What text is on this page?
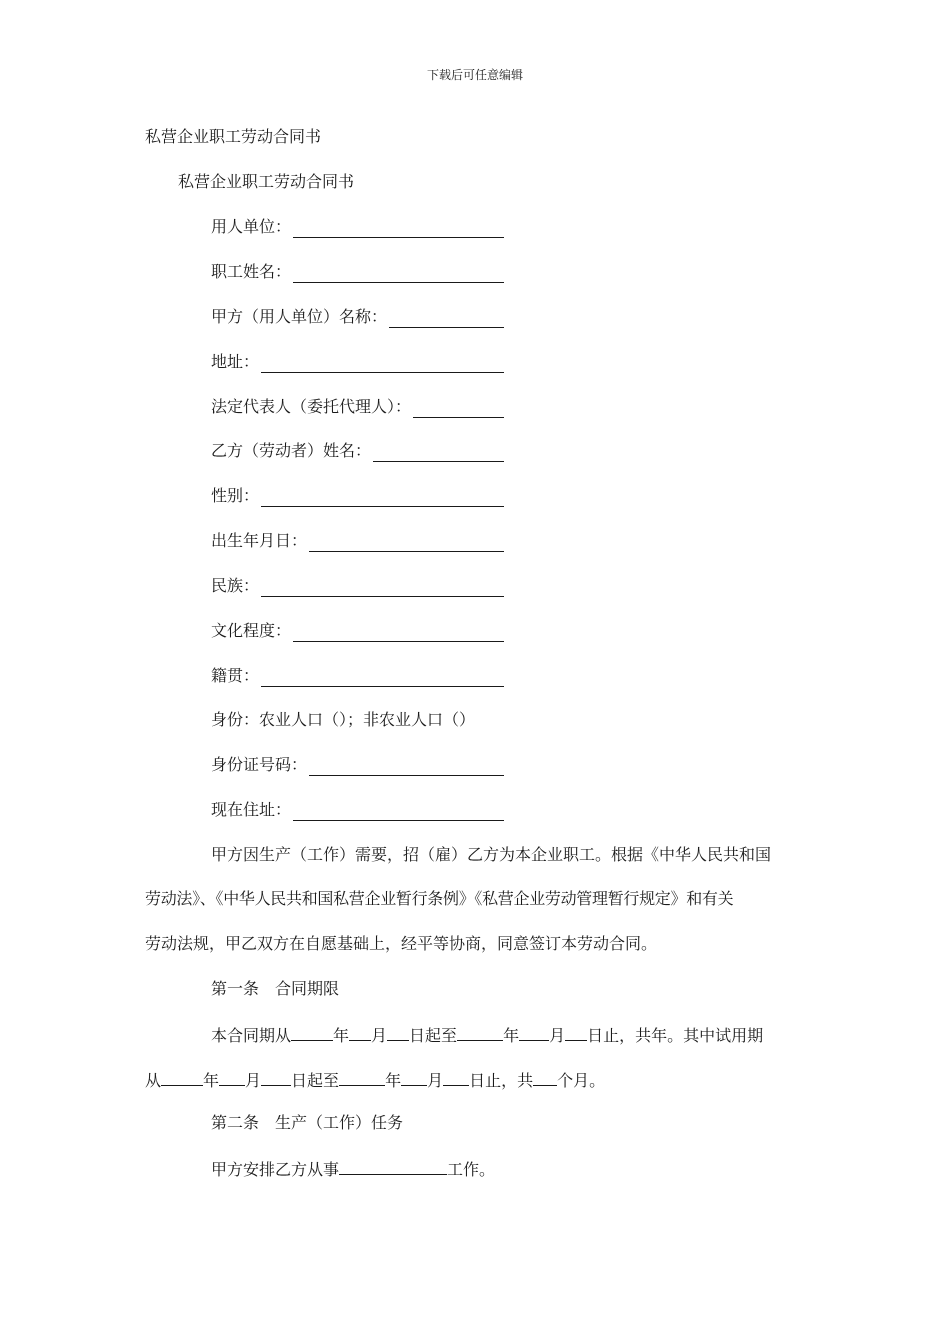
下载后可任意编辑
私营企业职工劳动合同书
私营企业职工劳动合同书
用人单位：
职工姓名：
甲方（用人单位）名称：
地址：
法定代表人（委托代理人）：
乙方（劳动者）姓名：
性别：
出生年月日：
民族：
文化程度：
籍贯：
身份：农业人口（）；非农业人口（）
身份证号码：
现在住址：
甲方因生产（工作）需要，招（雇）乙方为本企业职工。根据《中华人民共和国
劳动法》、《中华人民共和国私营企业暂行条例》《私营企业劳动管理暂行规定》和有关
劳动法规，甲乙双方在自愿基础上，经平等协商，同意签订本劳动合同。
第一条　合同期限
本合同期从	年 月 日起至	年 月 日止，共年。其中试用期
从	年 月 日起至	年 月 日止，共 个月。
第二条　生产（工作）任务
甲方安排乙方从事	工作。
